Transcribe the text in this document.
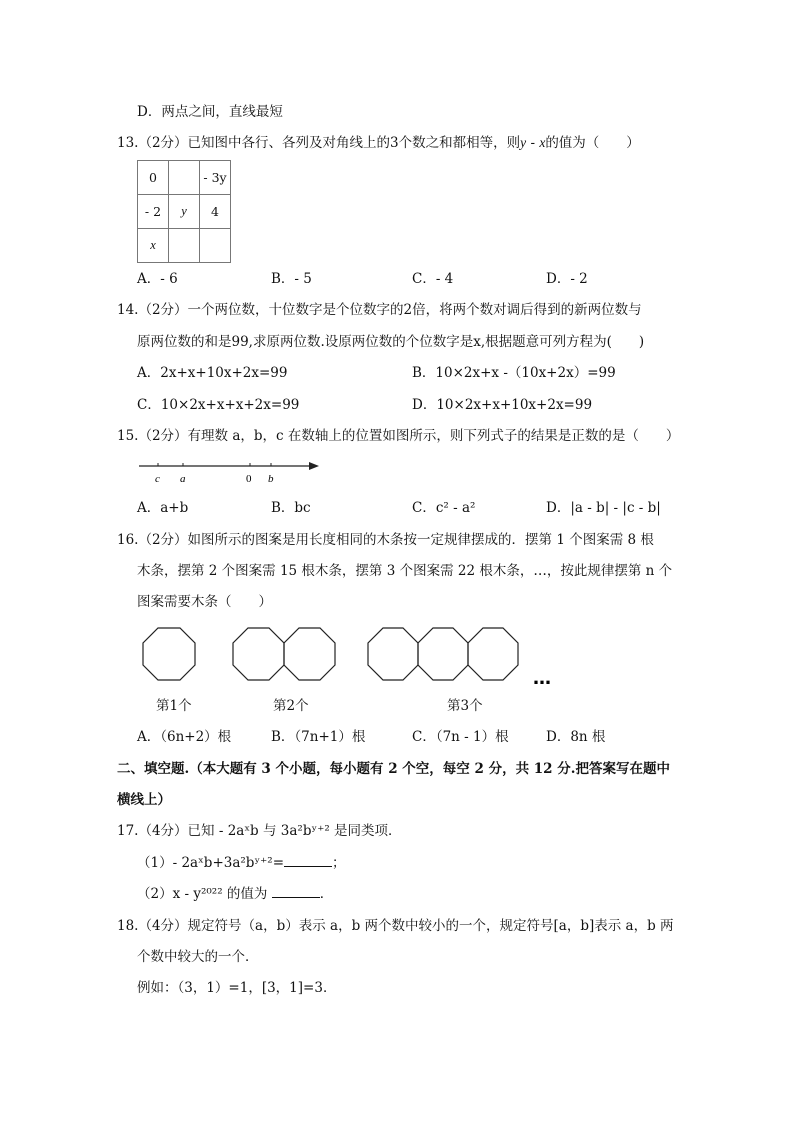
D．两点之间，直线最短
13.（2分）已知图中各行、各列及对角线上的3个数之和都相等，则y - x的值为（　　）
0		- 3y
- 2	y	4
x		
A．- 6	B．- 5	C．- 4	D．- 2
14.（2分）一个两位数，十位数字是个位数字的2倍，将两个数对调后得到的新两位数与
原两位数的和是99,求原两位数.设原两位数的个位数字是x,根据题意可列方程为(　　)
A．2x+x+10x+2x=99	B．10×2x+x -（10x+2x）=99
C．10×2x+x+x+2x=99	D．10×2x+x+10x+2x=99
15.（2分）有理数 a，b，c 在数轴上的位置如图所示，则下列式子的结果是正数的是（　　）
c a	0 b
A．a+b	B．bc	C．c² - a²	D．|a - b| - |c - b|
16.（2分）如图所示的图案是用长度相同的木条按一定规律摆成的．摆第 1 个图案需 8 根
木条，摆第 2 个图案需 15 根木条，摆第 3 个图案需 22 根木条，…，按此规律摆第 n 个
图案需要木条（　　）
…
第1个	第2个	第3个
A．（6n+2）根	B．（7n+1）根	C．（7n - 1）根	D．8n 根
二、填空题.（本大题有 3 个小题，每小题有 2 个空，每空 2 分，共 12 分.把答案写在题中
横线上）
17.（4分）已知 - 2aˣb 与 3a²bʸ⁺² 是同类项．
（1）- 2aˣb+3a²bʸ⁺²=	；
（2）x - y²⁰²² 的值为	．
18.（4分）规定符号（a，b）表示 a，b 两个数中较小的一个，规定符号[a，b]表示 a，b 两
个数中较大的一个．
例如：（3，1）=1，[3，1]=3．
